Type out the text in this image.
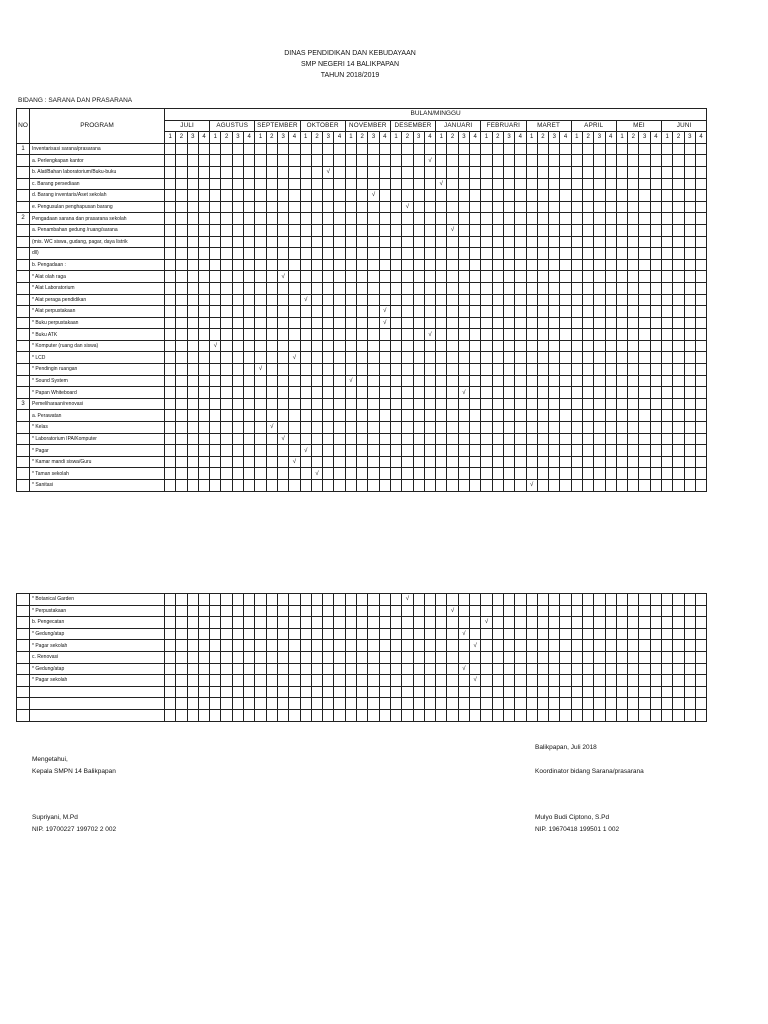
DINAS PENDIDIKAN DAN KEBUDAYAAN
SMP NEGERI 14 BALIKPAPAN
TAHUN 2018/2019
BIDANG : SARANA DAN PRASARANA
NO	PROGRAM	BULAN/MINGGU																																															
		JULI				AGUSTUS				SEPTEMBER				OKTOBER				NOVEMBER				DESEMBER				JANUARI				FEBRUARI				MARET				APRIL				MEI				JUNI			
		1	2	3	4	1	2	3	4	1	2	3	4	1	2	3	4	1	2	3	4	1	2	3	4	1	2	3	4	1	2	3	4	1	2	3	4	1	2	3	4	1	2	3	4	1	2	3	4
1	Inventarisasi sarana/prasarana																																																
	a. Perlengkapan kantor																								√																								
	b. Alat/Bahan laboratorium/Buku-buku															√																																	
	c. Barang persediaan																									√																							
	d. Barang inventaris/Aset sekolah																			√																													
	e. Pengusulan penghapusan barang																						√																										
2	Pengadaan sarana dan prasarana sekolah																																																
	a. Penambahan gedung /ruang/sarana																										√																						
	(mis. WC siswa, gudang, pagar, daya listrik																																																
	dll)																																																
	b. Pengadaan :																																																
	* Alat olah raga											√																																					
	* Alat Laboratorium																																																
	* Alat peraga pendidikan													√																																			
	* Alat perpustakaan																				√																												
	* Buku perpustakaan																				√																												
	* Buku ATK																								√																								
	* Komputer (ruang dan siswa)					√																																											
	* LCD												√																																				
	* Pendingin ruangan									√																																							
	* Sound System																	√																															
	* Papan Whiteboard																											√																					
3	Pemeliharaan/renovasi																																																
	a. Perawatan																																																
	* Kelas										√																																						
	* Laboratorium IPA/Komputer											√																																					
	* Pagar													√																																			
	* Kamar mandi siswa/Guru												√																																				
	* Taman sekolah														√																																		
	* Sanitasi																																	√															
	* Botanical Garden																						√																										
	* Perpustakaan																										√																						
	b. Pengecatan																													√																			
	* Gedung/atap																											√																					
	* Pagar sekolah																												√																				
	c. Renovasi																																																
	* Gedung/atap																											√																					
	* Pagar sekolah																												√																				

Balikpapan, Juli 2018
Mengetahui,
Kepala SMPN 14 Balikpapan	Koordinator bidang Sarana/prasarana
Supriyani, M.Pd	Mulyo Budi Ciptono, S.Pd
NIP. 19700227 199702 2 002	NIP. 19670418 199501 1 002
